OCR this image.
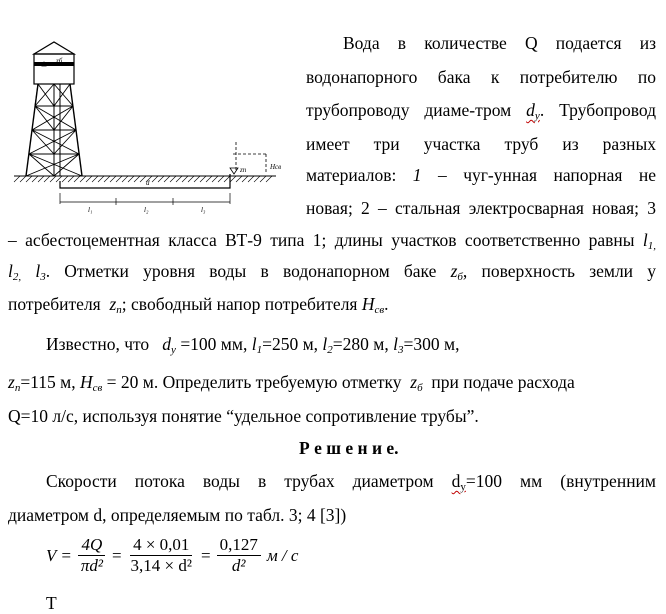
zб
d
zп	Hсв
l₁	l₂	l₃
Вода в количестве Q подается из
водонапорного бака к потребителю по
трубопроводу диаме-тром $d_y$. Трубопровод
имеет три участка труб из разных
материалов: 1 – чуг-унная напорная не
новая; 2 – стальная электросварная новая; 3
– асбестоцементная класса ВТ-9 типа 1; длины участков соответственно равны $l_{1,}$
$l_{2,}$ $l_3$. Отметки уровня воды в водонапорном баке $z_б$, поверхность земли у
потребителя $z_п$; свободный напор потребителя $H_{св}$.
Известно, что $d_у =100$ мм, $l_1=250$ м, $l_2=280$ м, $l_3=300$ м,
$z_п=115$ м, $H_{св} = 20$ м. Определить требуемую отметку $z_б$ при подаче расхода
Q=10 л/с, используя понятие “удельное сопротивление трубы”.
Р е ш е н и е.
Скорости потока воды в трубах диаметром $d_у=100$ мм (внутренним
диаметром d, определяемым по табл. 3; 4 [3])
$V = \frac{4Q}{\text{πd²}} = \frac{4 \times 0,01}{\text{3,14 × d²}} = \frac{0,127}{\text{d²}}$ м / с
Т
